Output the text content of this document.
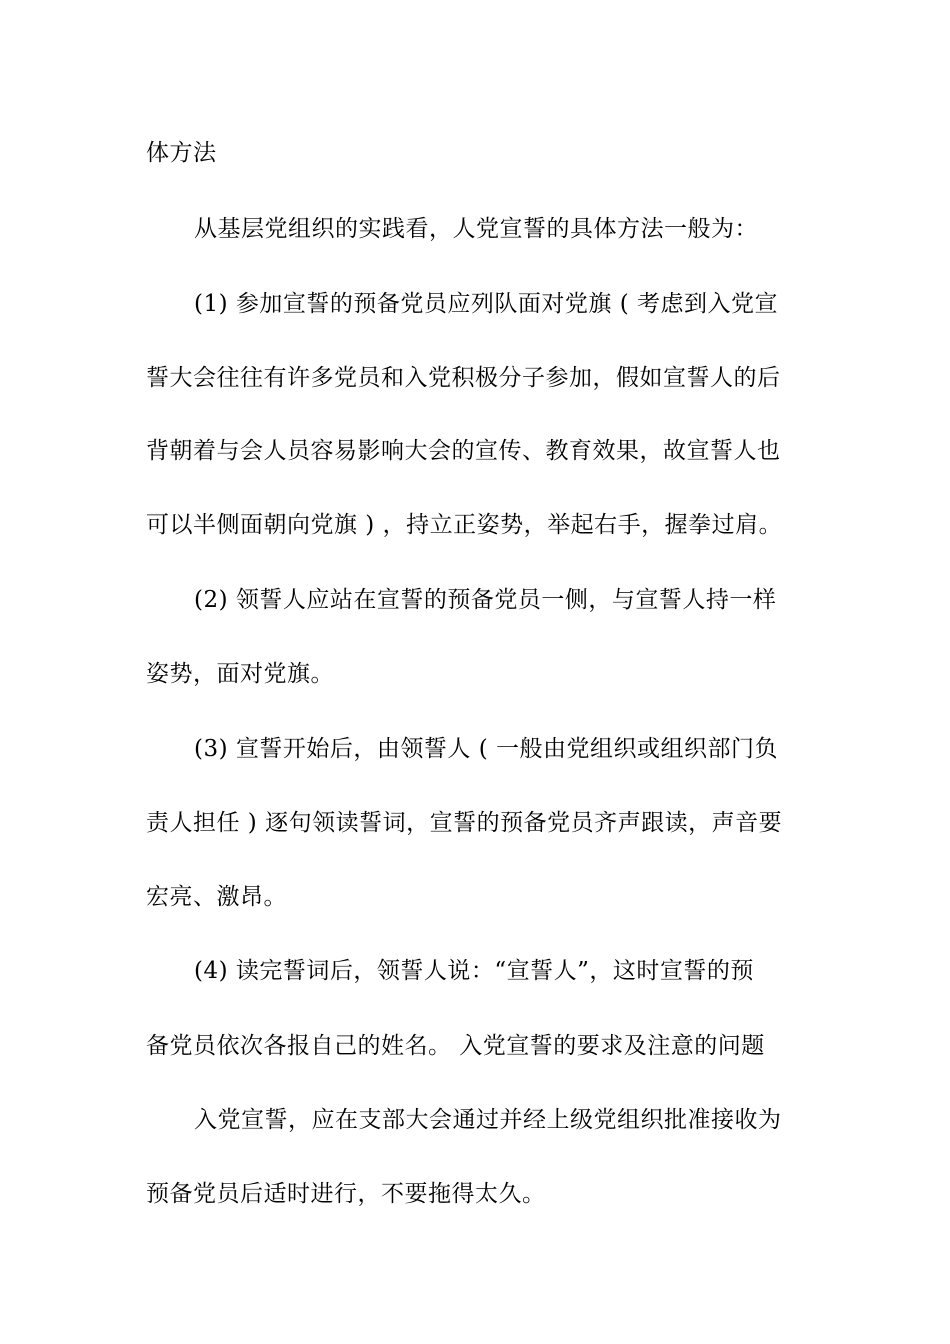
体方法
从基层党组织的实践看，人党宣誓的具体方法一般为：
(1) 参加宣誓的预备党员应列队面对党旗 ( 考虑到入党宣
誓大会往往有许多党员和入党积极分子参加，假如宣誓人的后
背朝着与会人员容易影响大会的宣传、教育效果，故宣誓人也
可以半侧面朝向党旗 ) ，持立正姿势，举起右手，握拳过肩。
(2) 领誓人应站在宣誓的预备党员一侧，与宣誓人持一样
姿势，面对党旗。
(3) 宣誓开始后，由领誓人 ( 一般由党组织或组织部门负
责人担任 ) 逐句领读誓词，宣誓的预备党员齐声跟读，声音要
宏亮、激昂。
(4) 读完誓词后，领誓人说：“宣誓人”，这时宣誓的预
备党员依次各报自己的姓名。 入党宣誓的要求及注意的问题
入党宣誓，应在支部大会通过并经上级党组织批准接收为
预备党员后适时进行，不要拖得太久。
